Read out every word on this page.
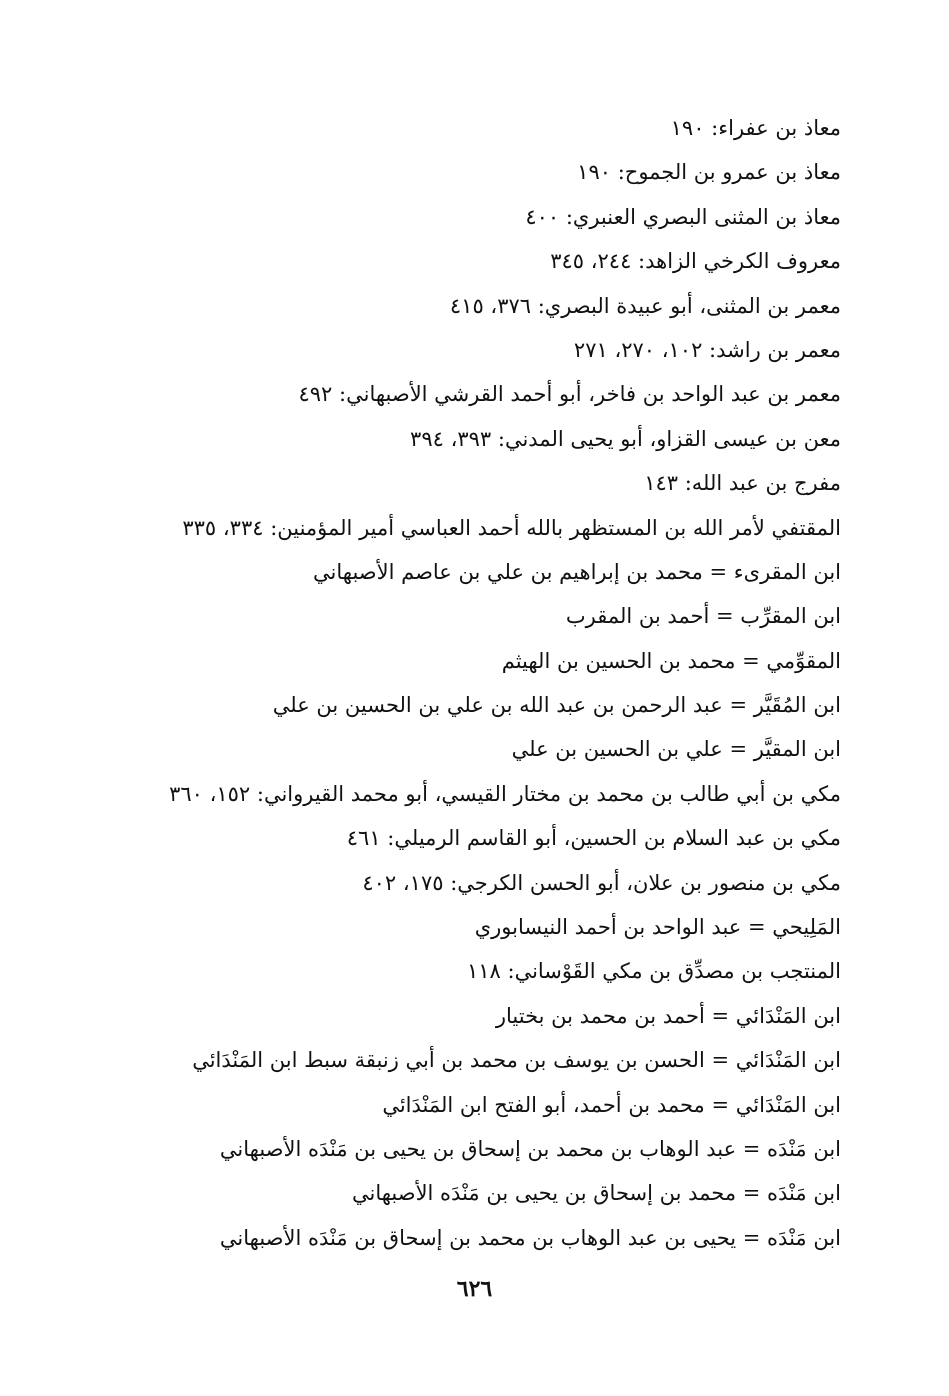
معاذ بن عفراء: ١٩٠
معاذ بن عمرو بن الجموح: ١٩٠
معاذ بن المثنى البصري العنبري: ٤٠٠
معروف الكرخي الزاهد: ٢٤٤، ٣٤٥
معمر بن المثنى، أبو عبيدة البصري: ٣٧٦، ٤١٥
معمر بن راشد: ١٠٢، ٢٧٠، ٢٧١
معمر بن عبد الواحد بن فاخر، أبو أحمد القرشي الأصبهاني: ٤٩٢
معن بن عيسى القزاو، أبو يحيى المدني: ٣٩٣، ٣٩٤
مفرج بن عبد الله: ١٤٣
المقتفي لأمر الله بن المستظهر بالله أحمد العباسي أمير المؤمنين: ٣٣٤، ٣٣٥
ابن المقرىء = محمد بن إبراهيم بن علي بن عاصم الأصبهاني
ابن المقرِّب = أحمد بن المقرب
المقوِّمي = محمد بن الحسين بن الهيثم
ابن المُقَيَّر = عبد الرحمن بن عبد الله بن علي بن الحسين بن علي
ابن المقيَّر = علي بن الحسين بن علي
مكي بن أبي طالب بن محمد بن مختار القيسي، أبو محمد القيرواني: ١٥٢، ٣٦٠
مكي بن عبد السلام بن الحسين، أبو القاسم الرميلي: ٤٦١
مكي بن منصور بن علان، أبو الحسن الكرجي: ١٧٥، ٤٠٢
المَلِيحي = عبد الواحد بن أحمد النيسابوري
المنتجب بن مصدِّق بن مكي القَوْساني: ١١٨
ابن المَنْدَائي = أحمد بن محمد بن بختيار
ابن المَنْدَائي = الحسن بن يوسف بن محمد بن أبي زنبقة سبط ابن المَنْدَائي
ابن المَنْدَائي = محمد بن أحمد، أبو الفتح ابن المَنْدَائي
ابن مَنْدَه = عبد الوهاب بن محمد بن إسحاق بن يحيى بن مَنْدَه الأصبهاني
ابن مَنْدَه = محمد بن إسحاق بن يحيى بن مَنْدَه الأصبهاني
ابن مَنْدَه = يحيى بن عبد الوهاب بن محمد بن إسحاق بن مَنْدَه الأصبهاني
٦٢٦
